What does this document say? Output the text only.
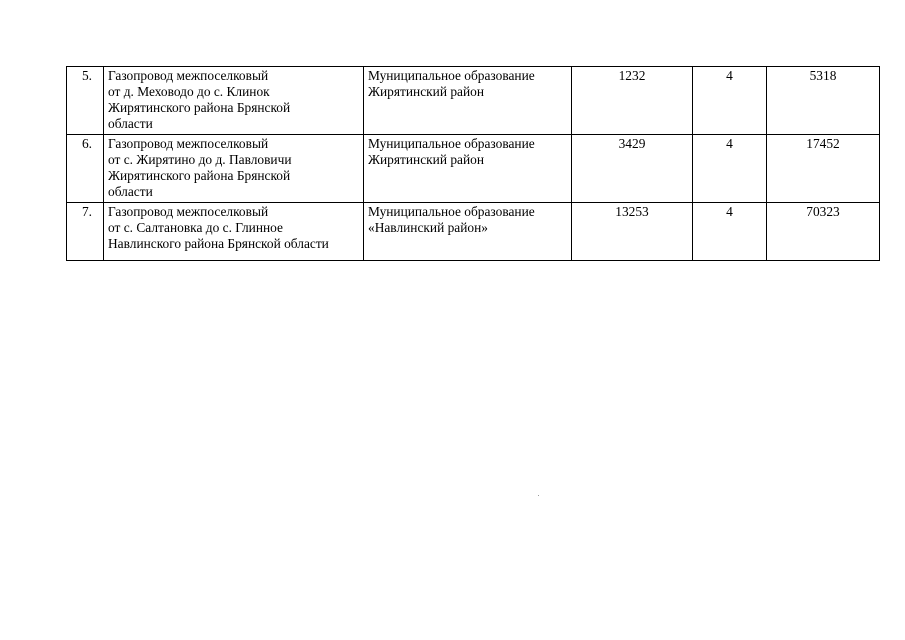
5.	Газопровод межпоселковый
от д. Меховодо до с. Клинок
Жирятинского района Брянской
области	Муниципальное образование
Жирятинский район	1232	4	5318
6.	Газопровод межпоселковый
от с. Жирятино до д. Павловичи
Жирятинского района Брянской
области	Муниципальное образование
Жирятинский район	3429	4	17452
7.	Газопровод межпоселковый
от с. Салтановка до с. Глинное
Навлинского района Брянской области	Муниципальное образование
«Навлинский район»	13253	4	70323
